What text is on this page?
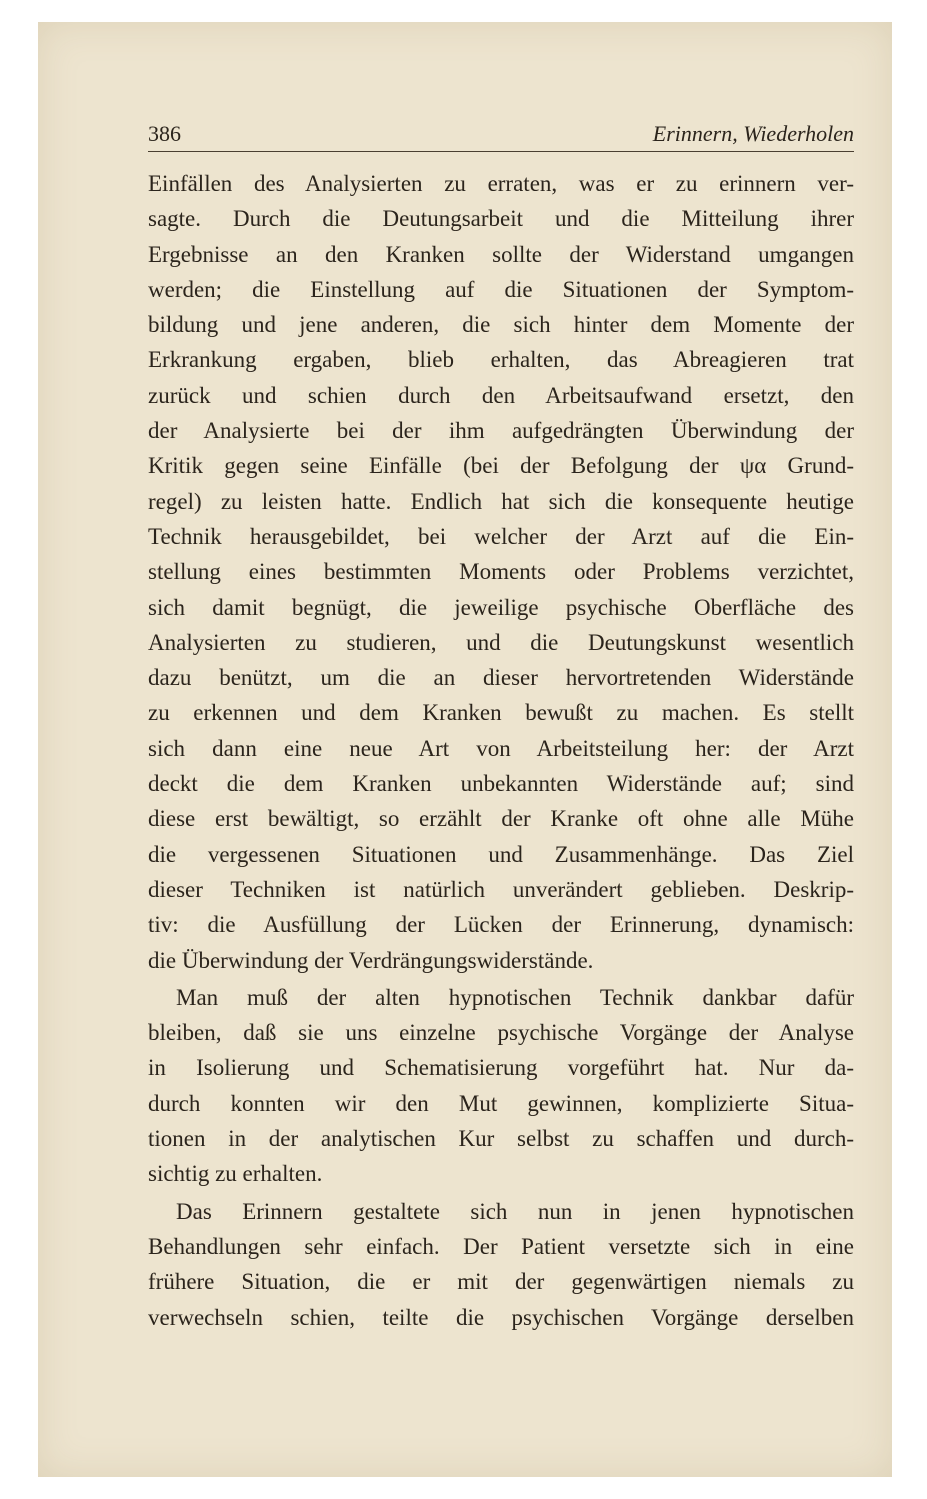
386	Erinnern, Wiederholen
Einfällen des Analysierten zu erraten, was er zu erinnern ver-
sagte. Durch die Deutungsarbeit und die Mitteilung ihrer
Ergebnisse an den Kranken sollte der Widerstand umgangen
werden; die Einstellung auf die Situationen der Symptom-
bildung und jene anderen, die sich hinter dem Momente der
Erkrankung ergaben, blieb erhalten, das Abreagieren trat
zurück und schien durch den Arbeitsaufwand ersetzt, den
der Analysierte bei der ihm aufgedrängten Überwindung der
Kritik gegen seine Einfälle (bei der Befolgung der ψα Grund-
regel) zu leisten hatte. Endlich hat sich die konsequente heutige
Technik herausgebildet, bei welcher der Arzt auf die Ein-
stellung eines bestimmten Moments oder Problems verzichtet,
sich damit begnügt, die jeweilige psychische Oberfläche des
Analysierten zu studieren, und die Deutungskunst wesentlich
dazu benützt, um die an dieser hervortretenden Widerstände
zu erkennen und dem Kranken bewußt zu machen. Es stellt
sich dann eine neue Art von Arbeitsteilung her: der Arzt
deckt die dem Kranken unbekannten Widerstände auf; sind
diese erst bewältigt, so erzählt der Kranke oft ohne alle Mühe
die vergessenen Situationen und Zusammenhänge. Das Ziel
dieser Techniken ist natürlich unverändert geblieben. Deskrip-
tiv: die Ausfüllung der Lücken der Erinnerung, dynamisch:
die Überwindung der Verdrängungswiderstände.
Man muß der alten hypnotischen Technik dankbar dafür
bleiben, daß sie uns einzelne psychische Vorgänge der Analyse
in Isolierung und Schematisierung vorgeführt hat. Nur da-
durch konnten wir den Mut gewinnen, komplizierte Situa-
tionen in der analytischen Kur selbst zu schaffen und durch-
sichtig zu erhalten.
Das Erinnern gestaltete sich nun in jenen hypnotischen
Behandlungen sehr einfach. Der Patient versetzte sich in eine
frühere Situation, die er mit der gegenwärtigen niemals zu
verwechseln schien, teilte die psychischen Vorgänge derselben
